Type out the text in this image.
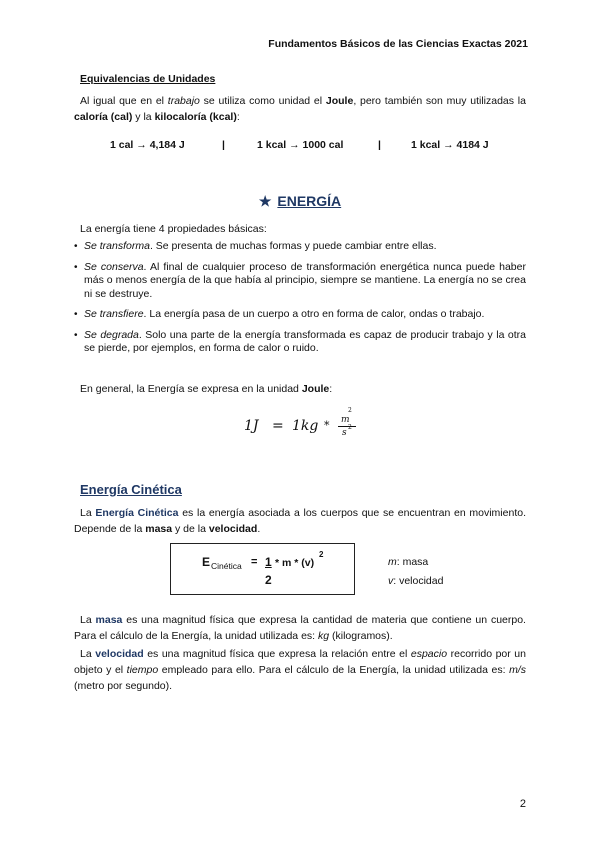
Fundamentos Básicos de las Ciencias Exactas 2021
Equivalencias de Unidades
Al igual que en el trabajo se utiliza como unidad el Joule, pero también son muy utilizadas la caloría (cal) y la kilocaloría (kcal):
1 cal → 4,184 J	|	1 kcal → 1000 cal	|	1 kcal → 4184 J
★ ENERGÍA
La energía tiene 4 propiedades básicas:
• Se transforma. Se presenta de muchas formas y puede cambiar entre ellas.
• Se conserva. Al final de cualquier proceso de transformación energética nunca puede haber más o menos energía de la que había al principio, siempre se mantiene. La energía no se crea ni se destruye.
• Se transfiere. La energía pasa de un cuerpo a otro en forma de calor, ondas o trabajo.
• Se degrada. Solo una parte de la energía transformada es capaz de producir trabajo y la otra se pierde, por ejemplos, en forma de calor o ruido.
En general, la Energía se expresa en la unidad Joule:
1J = 1kg * m
2
s
2
Energía Cinética
La Energía Cinética es la energía asociada a los cuerpos que se encuentran en movimiento. Depende de la masa y de la velocidad.
E Cinética = 1
2
* m * (v)
2
m: masa
v: velocidad
La masa es una magnitud física que expresa la cantidad de materia que contiene un cuerpo. Para el cálculo de la Energía, la unidad utilizada es: kg (kilogramos).
La velocidad es una magnitud física que expresa la relación entre el espacio recorrido por un objeto y el tiempo empleado para ello. Para el cálculo de la Energía, la unidad utilizada es: m/s (metro por segundo).
2
